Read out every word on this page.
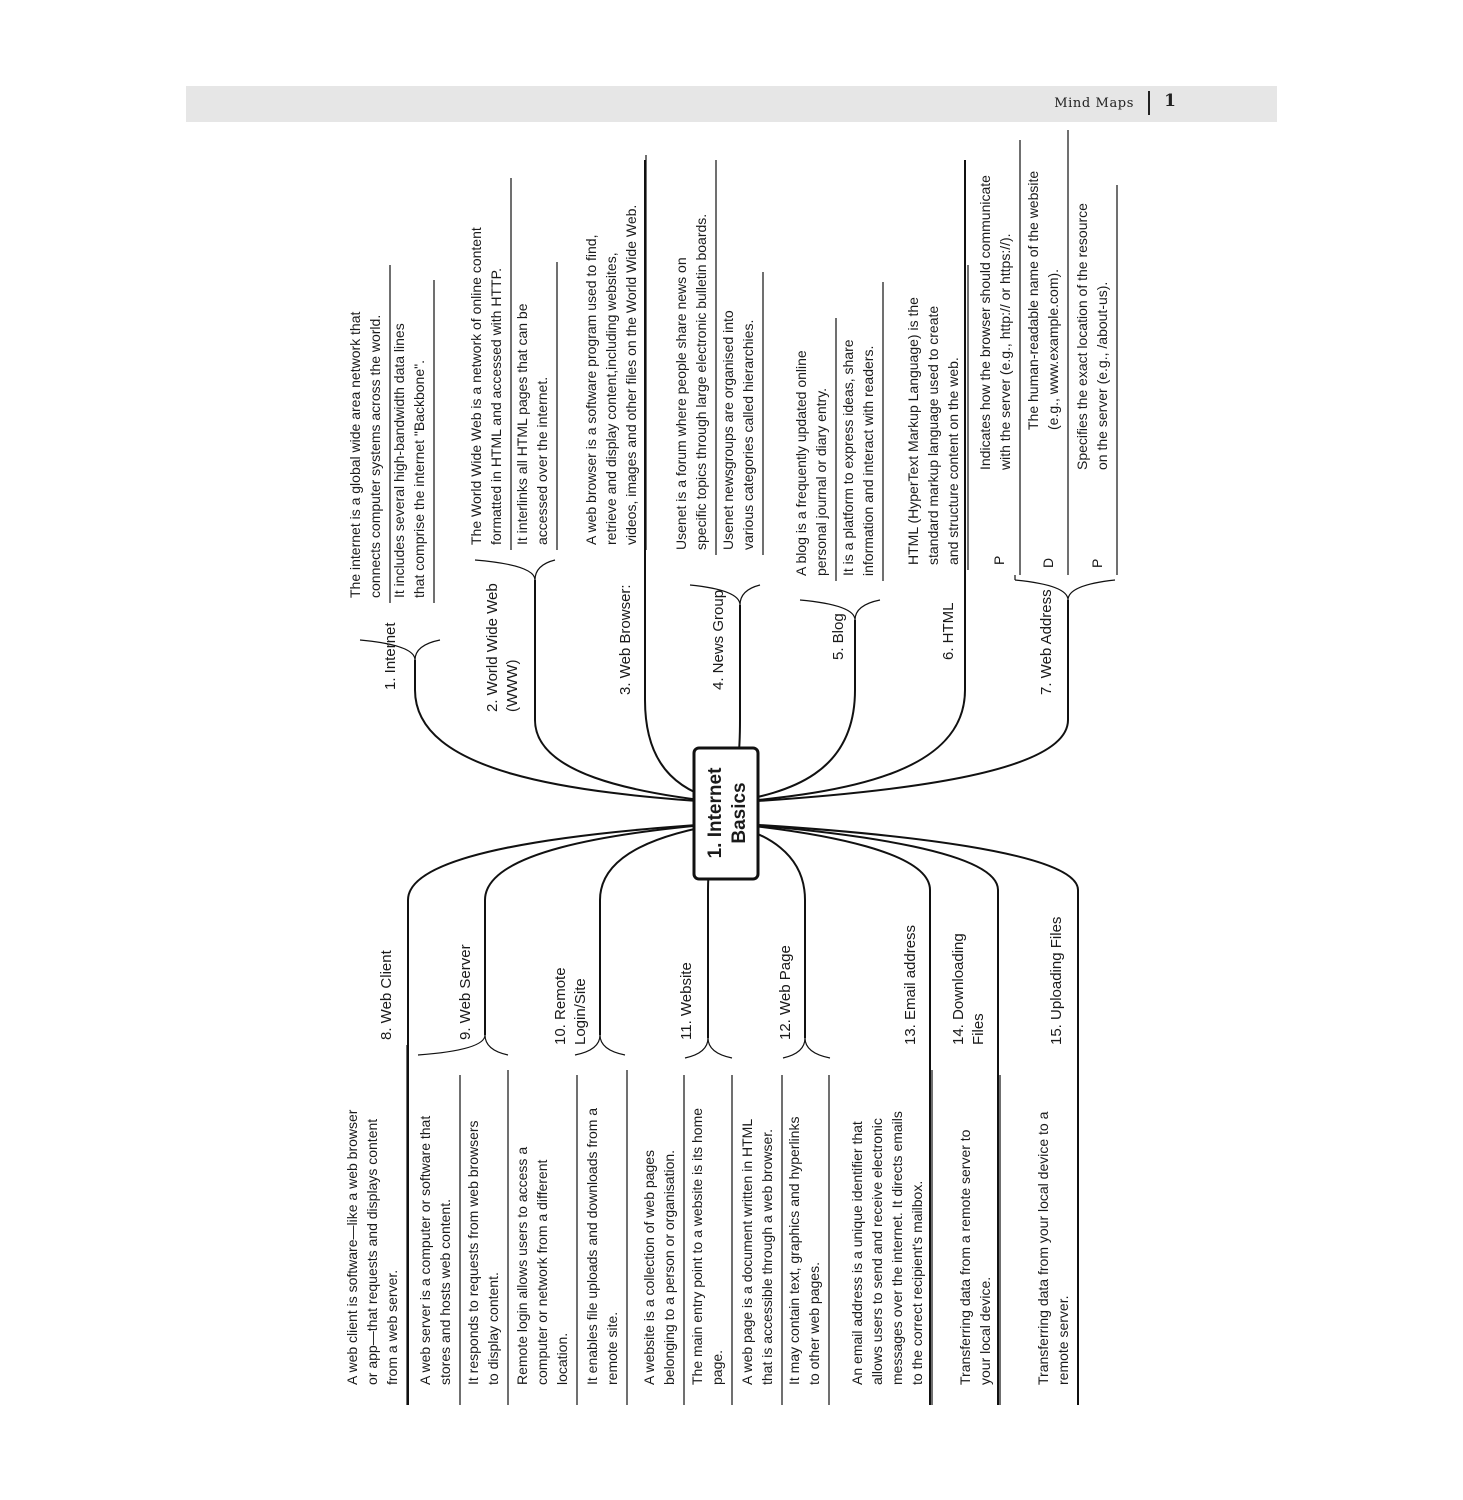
Mind Maps 1
1. Internet
The internet is a global wide area network that connects computer systems across the world. It includes several high-bandwidth data lines that comprise the internet "Backbone".
2. World Wide Web (WWW)
The World Wide Web is a network of online content formatted in HTML and accessed with HTTP. It interlinks all HTML pages that can be accessed over the internet.
3. Web Browser:
A web browser is a software program used to find, retrieve and display content,including websites, videos, images and other files on the World Wide Web.
4. News Group
Usenet is a forum where people share news on specific topics through large electronic bulletin boards. Usenet newsgroups are organised into various categories called hierarchies.
5. Blog
A blog is a frequently updated online personal journal or diary entry. It is a platform to express ideas, share information and interact with readers.
6. HTML
HTML (HyperText Markup Language) is the standard markup language used to create and structure content on the web.
7. Web Address
P
Indicates how the browser should communicate with the server (e.g., http:// or https://).
D
The human-readable name of the website (e.g., www.example.com).
P
Specifies the exact location of the resource on the server (e.g., /about-us).
8. Web Client
A web client is software—like a web browser or app—that requests and displays content from a web server.
9. Web Server
A web server is a computer or software that stores and hosts web content. It responds to requests from web browsers to display content.
10. Remote Login/Site
Remote login allows users to access a computer or network from a different location. It enables file uploads and downloads from a remote site.
11. Website
A website is a collection of web pages belonging to a person or organisation. The main entry point to a website is its home page.
12. Web Page
A web page is a document written in HTML that is accessible through a web browser. It may contain text, graphics and hyperlinks to other web pages.
13. Email address
An email address is a unique identifier that allows users to send and receive electronic messages over the internet. It directs emails to the correct recipient's mailbox.
14. Downloading Files
Transferring data from a remote server to your local device.
15. Uploading Files
Transferring data from your local device to a remote server.
1. Internet Basics
